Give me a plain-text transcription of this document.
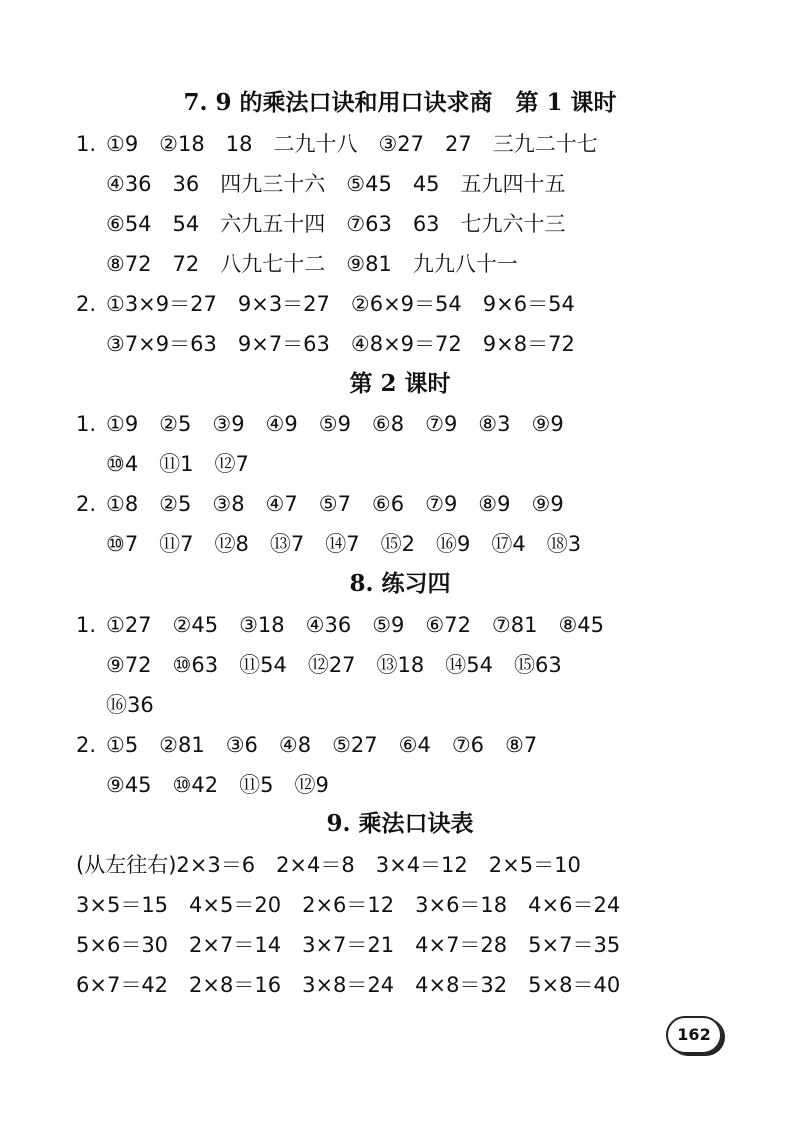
7. 9 的乘法口诀和用口诀求商　第 1 课时
1. ①9　②18　18　二九十八　③27　27　三九二十七
④36　36　四九三十六　⑤45　45　五九四十五
⑥54　54　六九五十四　⑦63　63　七九六十三
⑧72　72　八九七十二　⑨81　九九八十一
2. ①3×9＝27　9×3＝27　②6×9＝54　9×6＝54
③7×9＝63　9×7＝63　④8×9＝72　9×8＝72
第 2 课时
1. ①9　②5　③9　④9　⑤9　⑥8　⑦9　⑧3　⑨9
⑩4　⑪1　⑫7
2. ①8　②5　③8　④7　⑤7　⑥6　⑦9　⑧9　⑨9
⑩7　⑪7　⑫8　⑬7　⑭7　⑮2　⑯9　⑰4　⑱3
8. 练习四
1. ①27　②45　③18　④36　⑤9　⑥72　⑦81　⑧45
⑨72　⑩63　⑪54　⑫27　⑬18　⑭54　⑮63
⑯36
2. ①5　②81　③6　④8　⑤27　⑥4　⑦6　⑧7
⑨45　⑩42　⑪5　⑫9
9. 乘法口诀表
(从左往右)2×3＝6　2×4＝8　3×4＝12　2×5＝10
3×5＝15　4×5＝20　2×6＝12　3×6＝18　4×6＝24
5×6＝30　2×7＝14　3×7＝21　4×7＝28　5×7＝35
6×7＝42　2×8＝16　3×8＝24　4×8＝32　5×8＝40
162
